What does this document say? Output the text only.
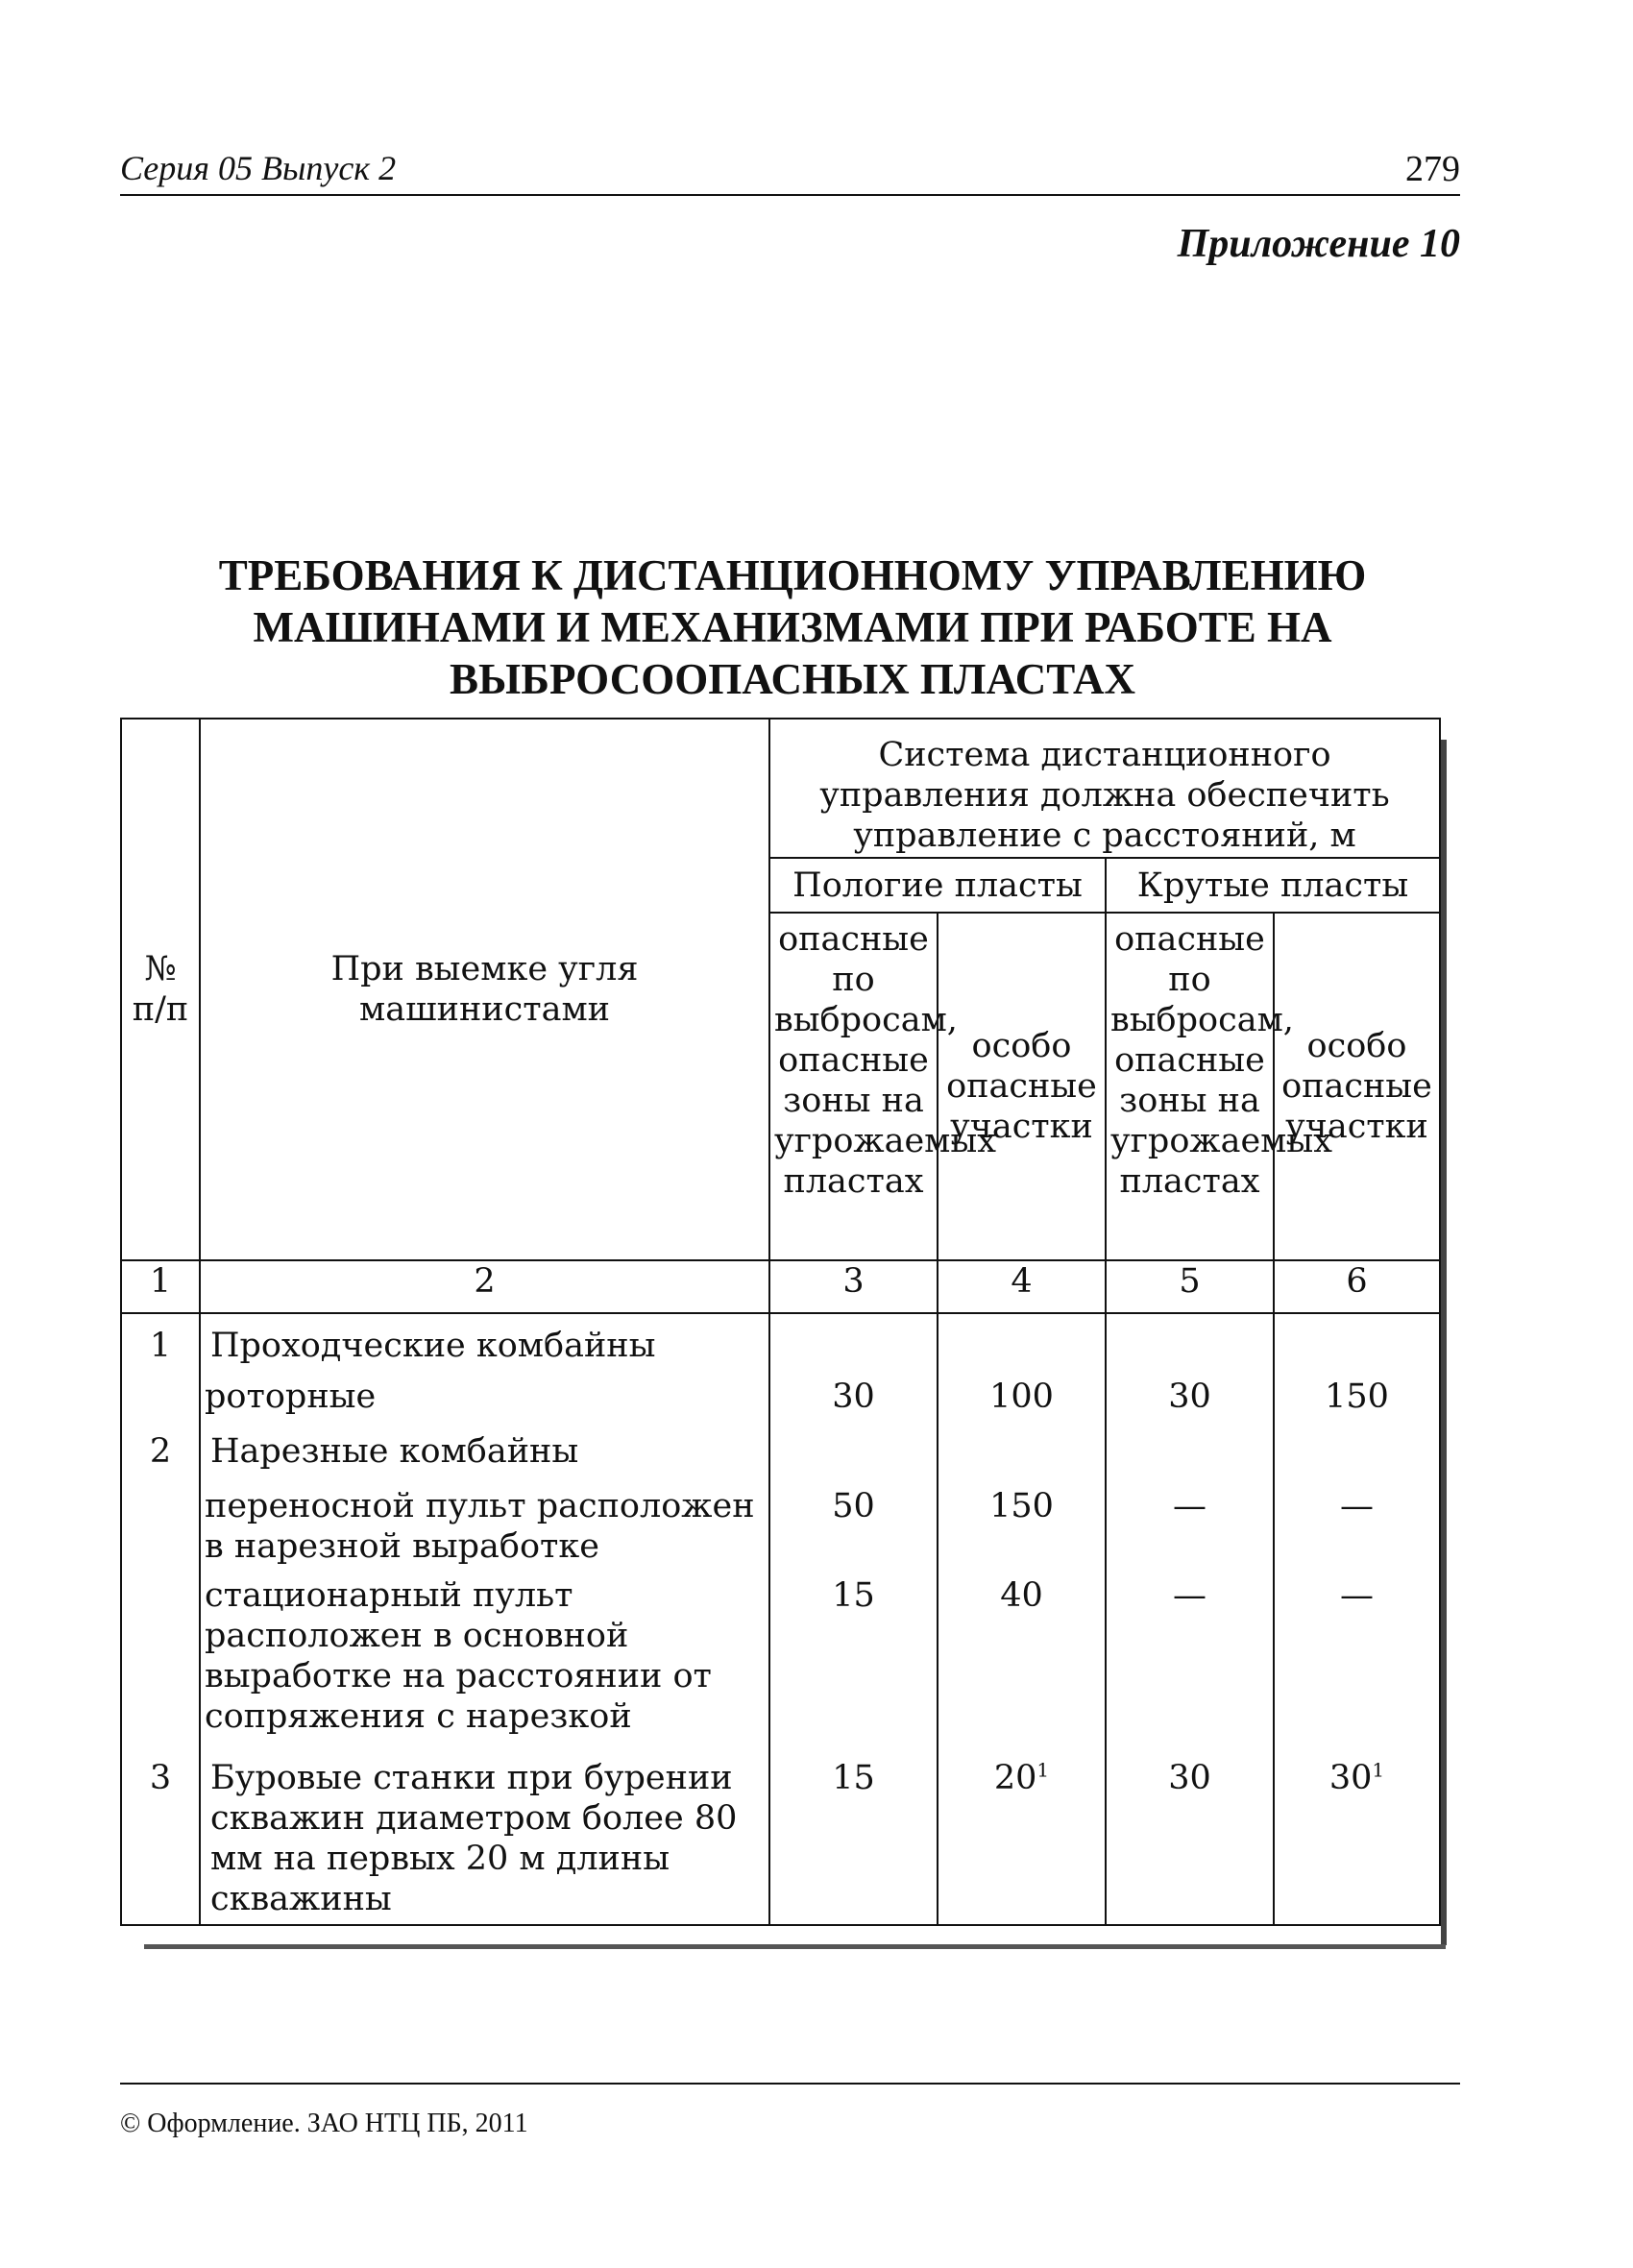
Серия 05 Выпуск 2	279
Приложение 10
ТРЕБОВАНИЯ К ДИСТАНЦИОННОМУ УПРАВЛЕНИЮ
МАШИНАМИ И МЕХАНИЗМАМИ ПРИ РАБОТЕ НА
ВЫБРОСООПАСНЫХ ПЛАСТАХ
№ п/п	При выемке угля машинистами	Система дистанционного управления должна обеспечить управление с расстояний, м			
		Пологие пласты		Крутые пласты	
		опасные по выбросам, опасные зоны на угрожаемых пластах	особо опасные участки	опасные по выбросам, опасные зоны на угрожаемых пластах	особо опасные участки
1	2	3	4	5	6
1	Проходческие комбайны				
	роторные	30	100	30	150
2	Нарезные комбайны				
	переносной пульт расположен в нарезной выработке	50	150	—	—
	стационарный пульт расположен в основной выработке на расстоянии от сопряжения с нарезкой	15	40	—	—
3	Буровые станки при бурении скважин диаметром более 80 мм на первых 20 м длины скважины	15	$20^1$	30	$30^1$
© Оформление. ЗАО НТЦ ПБ, 2011
